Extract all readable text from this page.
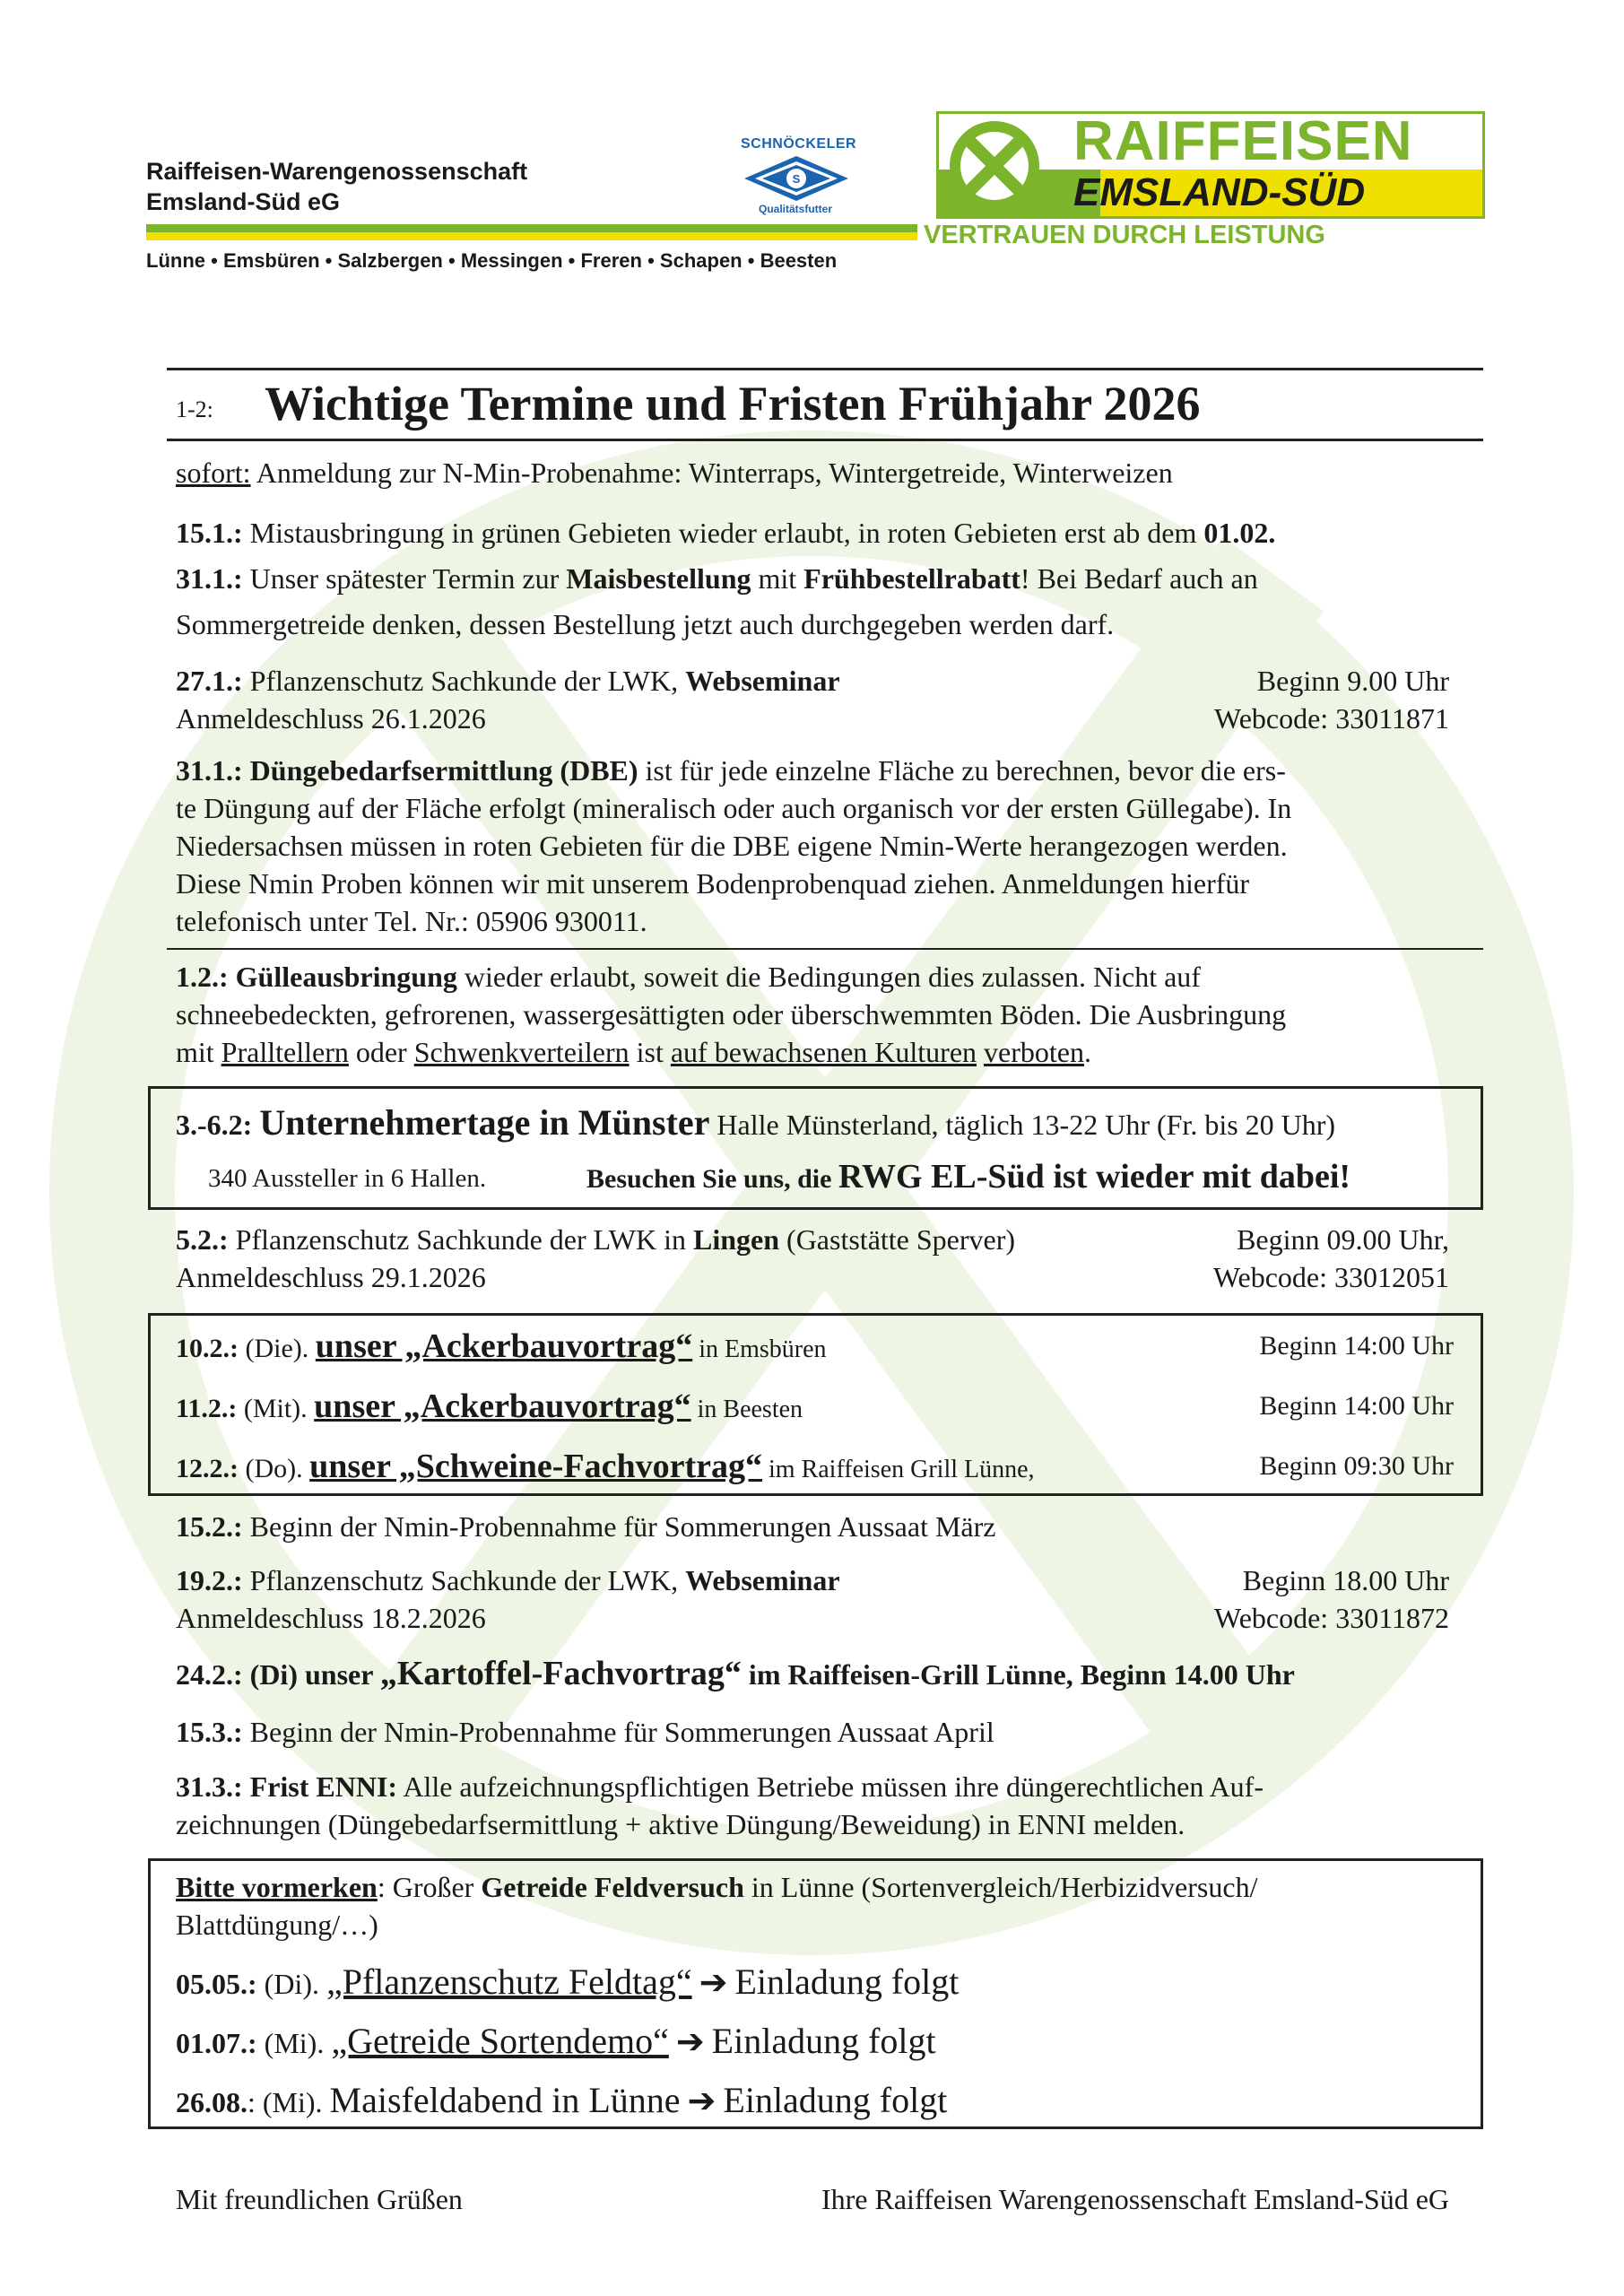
Raiffeisen-Warengenossenschaft
Emsland-Süd eG
Lünne • Emsbüren • Salzbergen • Messingen • Freren • Schapen • Beesten
SCHNÖCKELER
S
Qualitätsfutter
RAIFFEISEN
EMSLAND-SÜD
VERTRAUEN DURCH LEISTUNG
1-2: Wichtige Termine und Fristen Frühjahr 2026
sofort: Anmeldung zur N-Min-Probenahme: Winterraps, Wintergetreide, Winterweizen
15.1.: Mistausbringung in grünen Gebieten wieder erlaubt, in roten Gebieten erst ab dem 01.02.
31.1.: Unser spätester Termin zur Maisbestellung mit Frühbestellrabatt! Bei Bedarf auch an
Sommergetreide denken, dessen Bestellung jetzt auch durchgegeben werden darf.
27.1.: Pflanzenschutz Sachkunde der LWK, Webseminar	Beginn 9.00 Uhr
Anmeldeschluss 26.1.2026	Webcode: 33011871
31.1.: Düngebedarfsermittlung (DBE) ist für jede einzelne Fläche zu berechnen, bevor die ers-
te Düngung auf der Fläche erfolgt (mineralisch oder auch organisch vor der ersten Güllegabe). In
Niedersachsen müssen in roten Gebieten für die DBE eigene Nmin-Werte herangezogen werden.
Diese Nmin Proben können wir mit unserem Bodenprobenquad ziehen. Anmeldungen hierfür
telefonisch unter Tel. Nr.: 05906 930011.
1.2.: Gülleausbringung wieder erlaubt, soweit die Bedingungen dies zulassen. Nicht auf
schneebedeckten, gefrorenen, wassergesättigten oder überschwemmten Böden. Die Ausbringung
mit Pralltellern oder Schwenkverteilern ist auf bewachsenen Kulturen verboten.
3.-6.2: Unternehmertage in Münster Halle Münsterland, täglich 13-22 Uhr (Fr. bis 20 Uhr)
340 Aussteller in 6 Hallen.	Besuchen Sie uns, die RWG EL-Süd ist wieder mit dabei!
5.2.: Pflanzenschutz Sachkunde der LWK in Lingen (Gaststätte Sperver)	Beginn 09.00 Uhr,
Anmeldeschluss 29.1.2026	Webcode: 33012051
10.2.: (Die). unser „Ackerbauvortrag“ in Emsbüren	Beginn 14:00 Uhr
11.2.: (Mit). unser „Ackerbauvortrag“ in Beesten	Beginn 14:00 Uhr
12.2.: (Do). unser „Schweine-Fachvortrag“ im Raiffeisen Grill Lünne,	Beginn 09:30 Uhr
15.2.: Beginn der Nmin-Probennahme für Sommerungen Aussaat März
19.2.: Pflanzenschutz Sachkunde der LWK, Webseminar	Beginn 18.00 Uhr
Anmeldeschluss 18.2.2026	Webcode: 33011872
24.2.: (Di) unser „Kartoffel-Fachvortrag“ im Raiffeisen-Grill Lünne, Beginn 14.00 Uhr
15.3.: Beginn der Nmin-Probennahme für Sommerungen Aussaat April
31.3.: Frist ENNI: Alle aufzeichnungspflichtigen Betriebe müssen ihre düngerechtlichen Auf-
zeichnungen (Düngebedarfsermittlung + aktive Düngung/Beweidung) in ENNI melden.
Bitte vormerken: Großer Getreide Feldversuch in Lünne (Sortenvergleich/Herbizidversuch/
Blattdüngung/…)
05.05.: (Di). „Pflanzenschutz Feldtag“ ➔ Einladung folgt
01.07.: (Mi). „Getreide Sortendemo“ ➔ Einladung folgt
26.08.: (Mi). Maisfeldabend in Lünne ➔ Einladung folgt
Mit freundlichen Grüßen	Ihre Raiffeisen Warengenossenschaft Emsland-Süd eG
